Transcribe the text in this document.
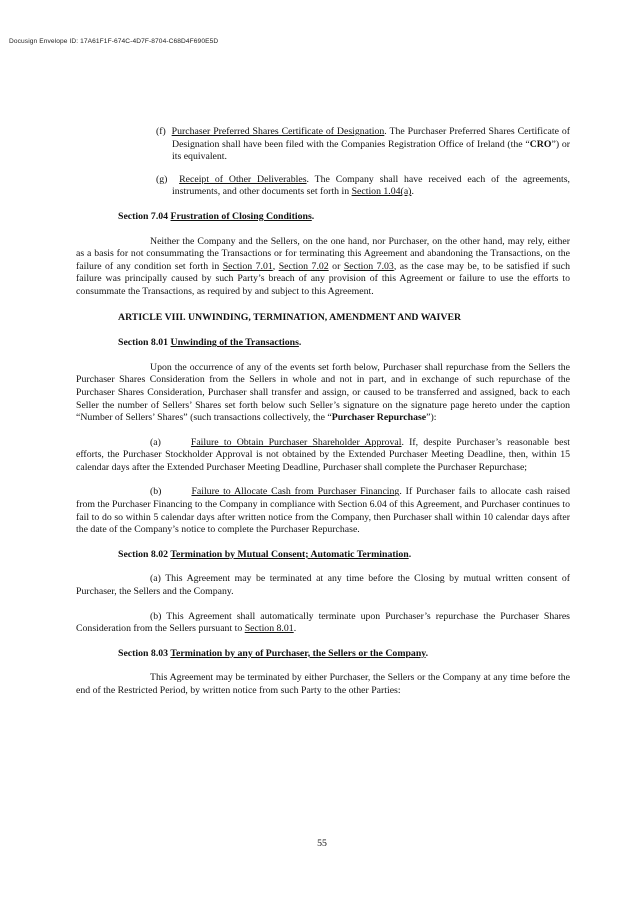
Docusign Envelope ID: 17A61F1F-674C-4D7F-8704-C68D4F690E5D

(f) Purchaser Preferred Shares Certificate of Designation. The Purchaser Preferred Shares Certificate of Designation shall have been filed with the Companies Registration Office of Ireland (the “CRO”) or its equivalent.

(g) Receipt of Other Deliverables. The Company shall have received each of the agreements, instruments, and other documents set forth in Section 1.04(a).

Section 7.04 Frustration of Closing Conditions.

Neither the Company and the Sellers, on the one hand, nor Purchaser, on the other hand, may rely, either as a basis for not consummating the Transactions or for terminating this Agreement and abandoning the Transactions, on the failure of any condition set forth in Section 7.01, Section 7.02 or Section 7.03, as the case may be, to be satisfied if such failure was principally caused by such Party’s breach of any provision of this Agreement or failure to use the efforts to consummate the Transactions, as required by and subject to this Agreement.

ARTICLE VIII. UNWINDING, TERMINATION, AMENDMENT AND WAIVER

Section 8.01 Unwinding of the Transactions.

Upon the occurrence of any of the events set forth below, Purchaser shall repurchase from the Sellers the Purchaser Shares Consideration from the Sellers in whole and not in part, and in exchange of such repurchase of the Purchaser Shares Consideration, Purchaser shall transfer and assign, or caused to be transferred and assigned, back to each Seller the number of Sellers’ Shares set forth below such Seller’s signature on the signature page hereto under the caption “Number of Sellers’ Shares” (such transactions collectively, the “Purchaser Repurchase”):

(a)	Failure to Obtain Purchaser Shareholder Approval. If, despite Purchaser’s reasonable best efforts, the Purchaser Stockholder Approval is not obtained by the Extended Purchaser Meeting Deadline, then, within 15 calendar days after the Extended Purchaser Meeting Deadline, Purchaser shall complete the Purchaser Repurchase;

(b)	Failure to Allocate Cash from Purchaser Financing. If Purchaser fails to allocate cash raised from the Purchaser Financing to the Company in compliance with Section 6.04 of this Agreement, and Purchaser continues to fail to do so within 5 calendar days after written notice from the Company, then Purchaser shall within 10 calendar days after the date of the Company’s notice to complete the Purchaser Repurchase.

Section 8.02 Termination by Mutual Consent; Automatic Termination.

(a) This Agreement may be terminated at any time before the Closing by mutual written consent of Purchaser, the Sellers and the Company.

(b) This Agreement shall automatically terminate upon Purchaser’s repurchase the Purchaser Shares Consideration from the Sellers pursuant to Section 8.01.

Section 8.03 Termination by any of Purchaser, the Sellers or the Company.

This Agreement may be terminated by either Purchaser, the Sellers or the Company at any time before the end of the Restricted Period, by written notice from such Party to the other Parties:

55
